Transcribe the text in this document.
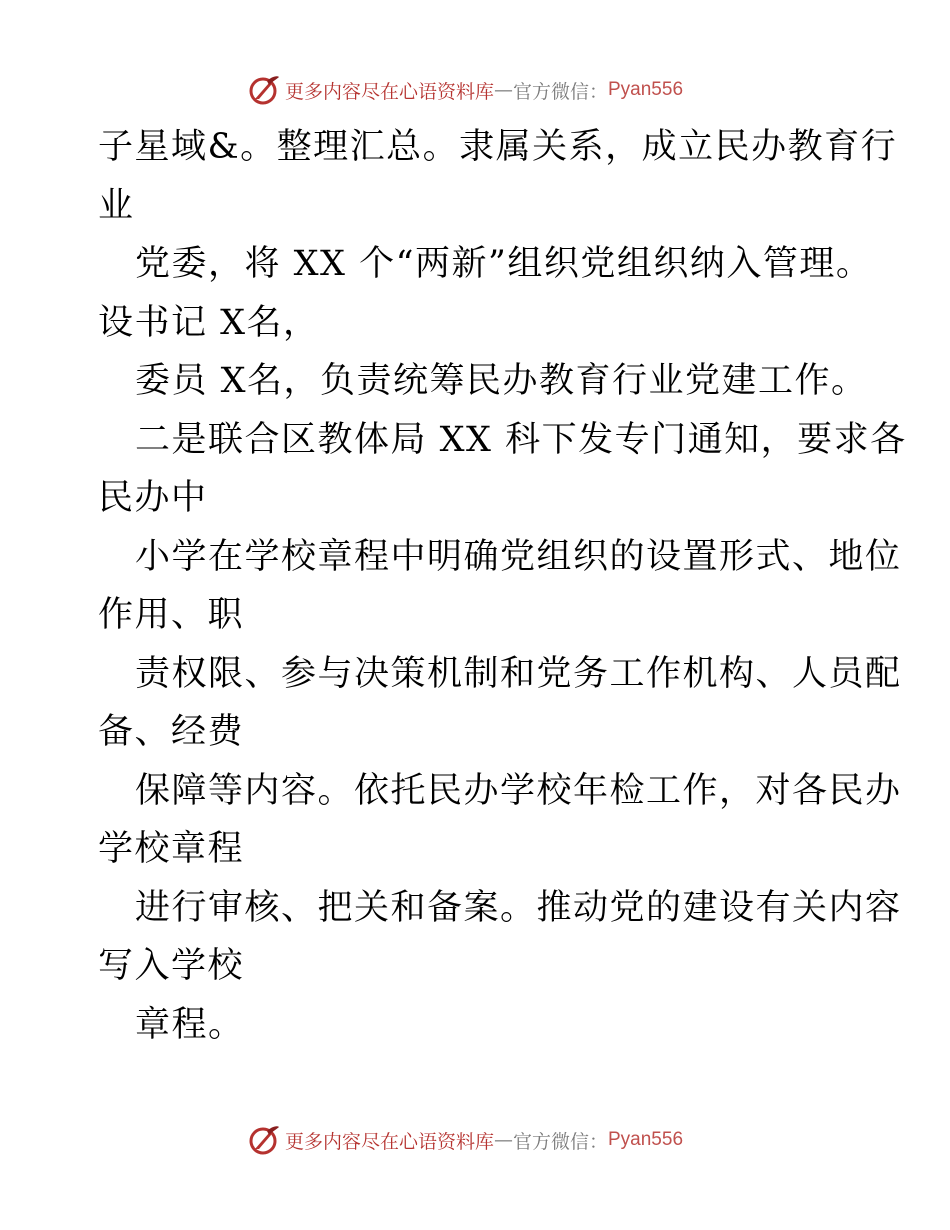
更多内容尽在心语资料库 — 官方微信： Pyan556
子星域&。整理汇总。隶属关系，成立民办教育行
业
党委，将 XX 个“两新”组织党组织纳入管理。
设书记 X名，
委员 X名，负责统筹民办教育行业党建工作。
二是联合区教体局 XX 科下发专门通知，要求各
民办中
小学在学校章程中明确党组织的设置形式、地位
作用、职
责权限、参与决策机制和党务工作机构、人员配
备、经费
保障等内容。依托民办学校年检工作，对各民办
学校章程
进行审核、把关和备案。推动党的建设有关内容
写入学校
章程。
更多内容尽在心语资料库 — 官方微信： Pyan556
